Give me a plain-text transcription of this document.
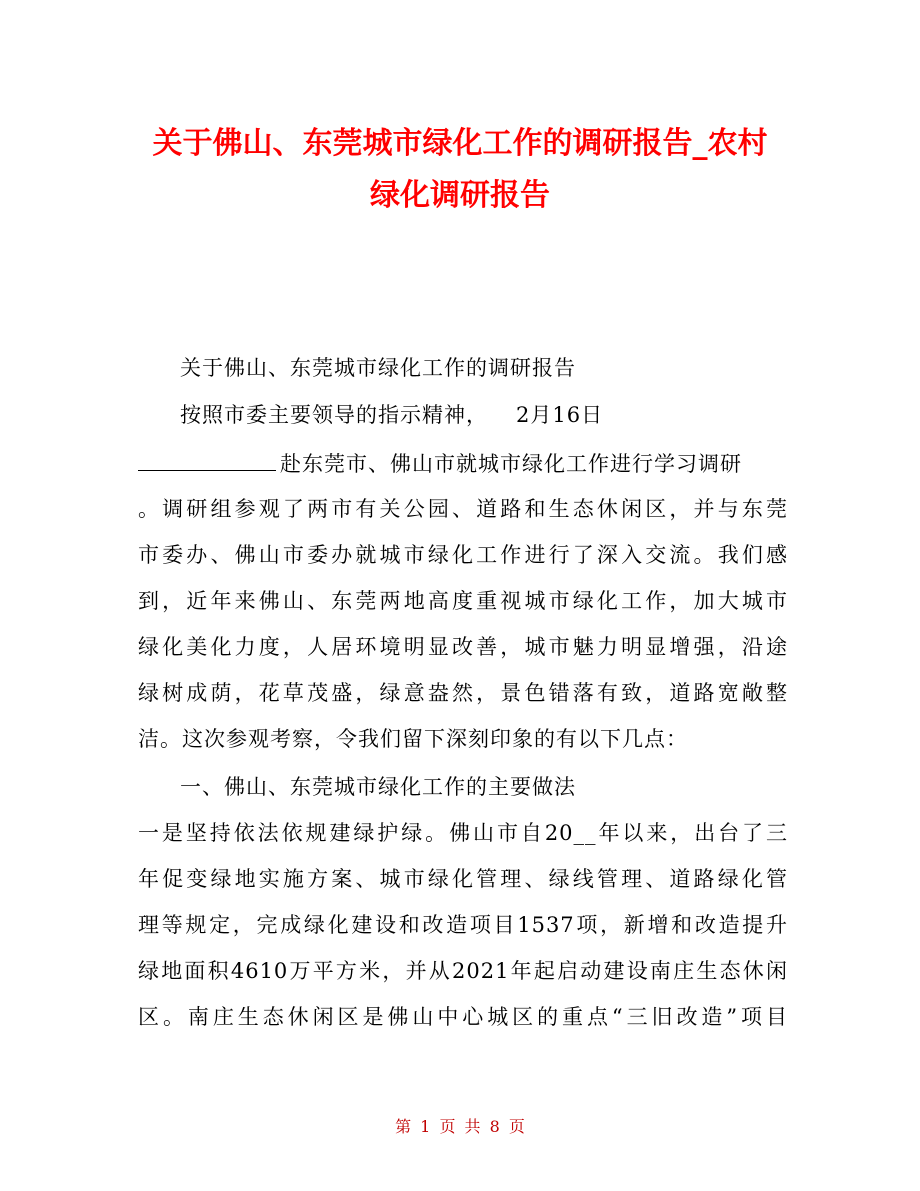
关于佛山、东莞城市绿化工作的调研报告_农村
绿化调研报告
关于佛山、东莞城市绿化工作的调研报告
按照市委主要领导的指示精神， 2月16日
赴东莞市、佛山市就城市绿化工作进行学习调研
。调研组参观了两市有关公园、道路和生态休闲区，并与东莞
市委办、佛山市委办就城市绿化工作进行了深入交流。我们感
到，近年来佛山、东莞两地高度重视城市绿化工作，加大城市
绿化美化力度，人居环境明显改善，城市魅力明显增强，沿途
绿树成荫，花草茂盛，绿意盎然，景色错落有致，道路宽敞整
洁。这次参观考察，令我们留下深刻印象的有以下几点：
一、佛山、东莞城市绿化工作的主要做法
一是坚持依法依规建绿护绿。佛山市自20__年以来，出台了三
年促变绿地实施方案、城市绿化管理、绿线管理、道路绿化管
理等规定，完成绿化建设和改造项目1537项，新增和改造提升
绿地面积4610万平方米，并从2021年起启动建设南庄生态休闲
区。南庄生态休闲区是佛山中心城区的重点“三旧改造”项目
第 1 页 共 8 页
